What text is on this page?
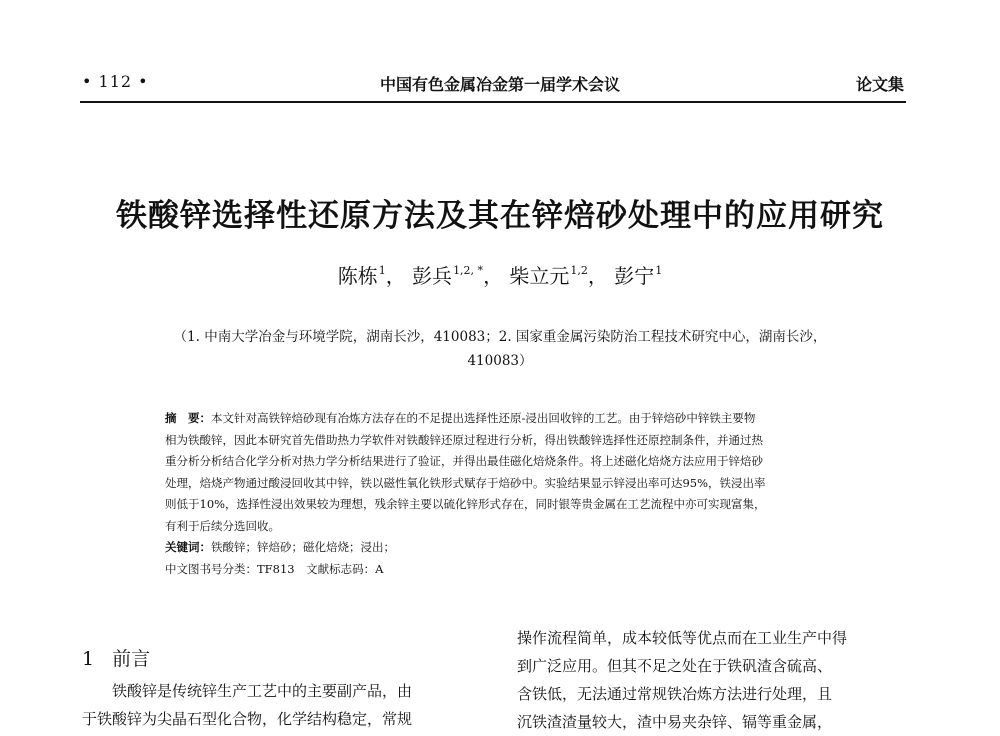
• 112 •	中国有色金属冶金第一届学术会议	论文集
铁酸锌选择性还原方法及其在锌焙砂处理中的应用研究
陈栋$^1$， 彭兵$^{1,2, *}$， 柴立元$^{1,2}$， 彭宁$^1$
（1. 中南大学冶金与环境学院，湖南长沙，410083；2. 国家重金属污染防治工程技术研究中心，湖南长沙，
410083）
摘　要：本文针对高铁锌焙砂现有冶炼方法存在的不足提出选择性还原-浸出回收锌的工艺。由于锌焙砂中锌铁主要物
相为铁酸锌，因此本研究首先借助热力学软件对铁酸锌还原过程进行分析，得出铁酸锌选择性还原控制条件，并通过热
重分析分析结合化学分析对热力学分析结果进行了验证，并得出最佳磁化焙烧条件。将上述磁化焙烧方法应用于锌焙砂
处理，焙烧产物通过酸浸回收其中锌，铁以磁性氧化铁形式赋存于焙砂中。实验结果显示锌浸出率可达95%，铁浸出率
则低于10%，选择性浸出效果较为理想，残余锌主要以硫化锌形式存在，同时银等贵金属在工艺流程中亦可实现富集，
有利于后续分选回收。
关键词：铁酸锌；锌焙砂；磁化焙烧；浸出；
中文图书号分类：TF813　文献标志码：A
1 前言
　　铁酸锌是传统锌生产工艺中的主要副产品，由
于铁酸锌为尖晶石型化合物，化学结构稳定，常规
操作流程简单，成本较低等优点而在工业生产中得
到广泛应用。但其不足之处在于铁矾渣含硫高、
含铁低，无法通过常规铁冶炼方法进行处理，且
沉铁渣渣量较大，渣中易夹杂锌、镉等重金属，
